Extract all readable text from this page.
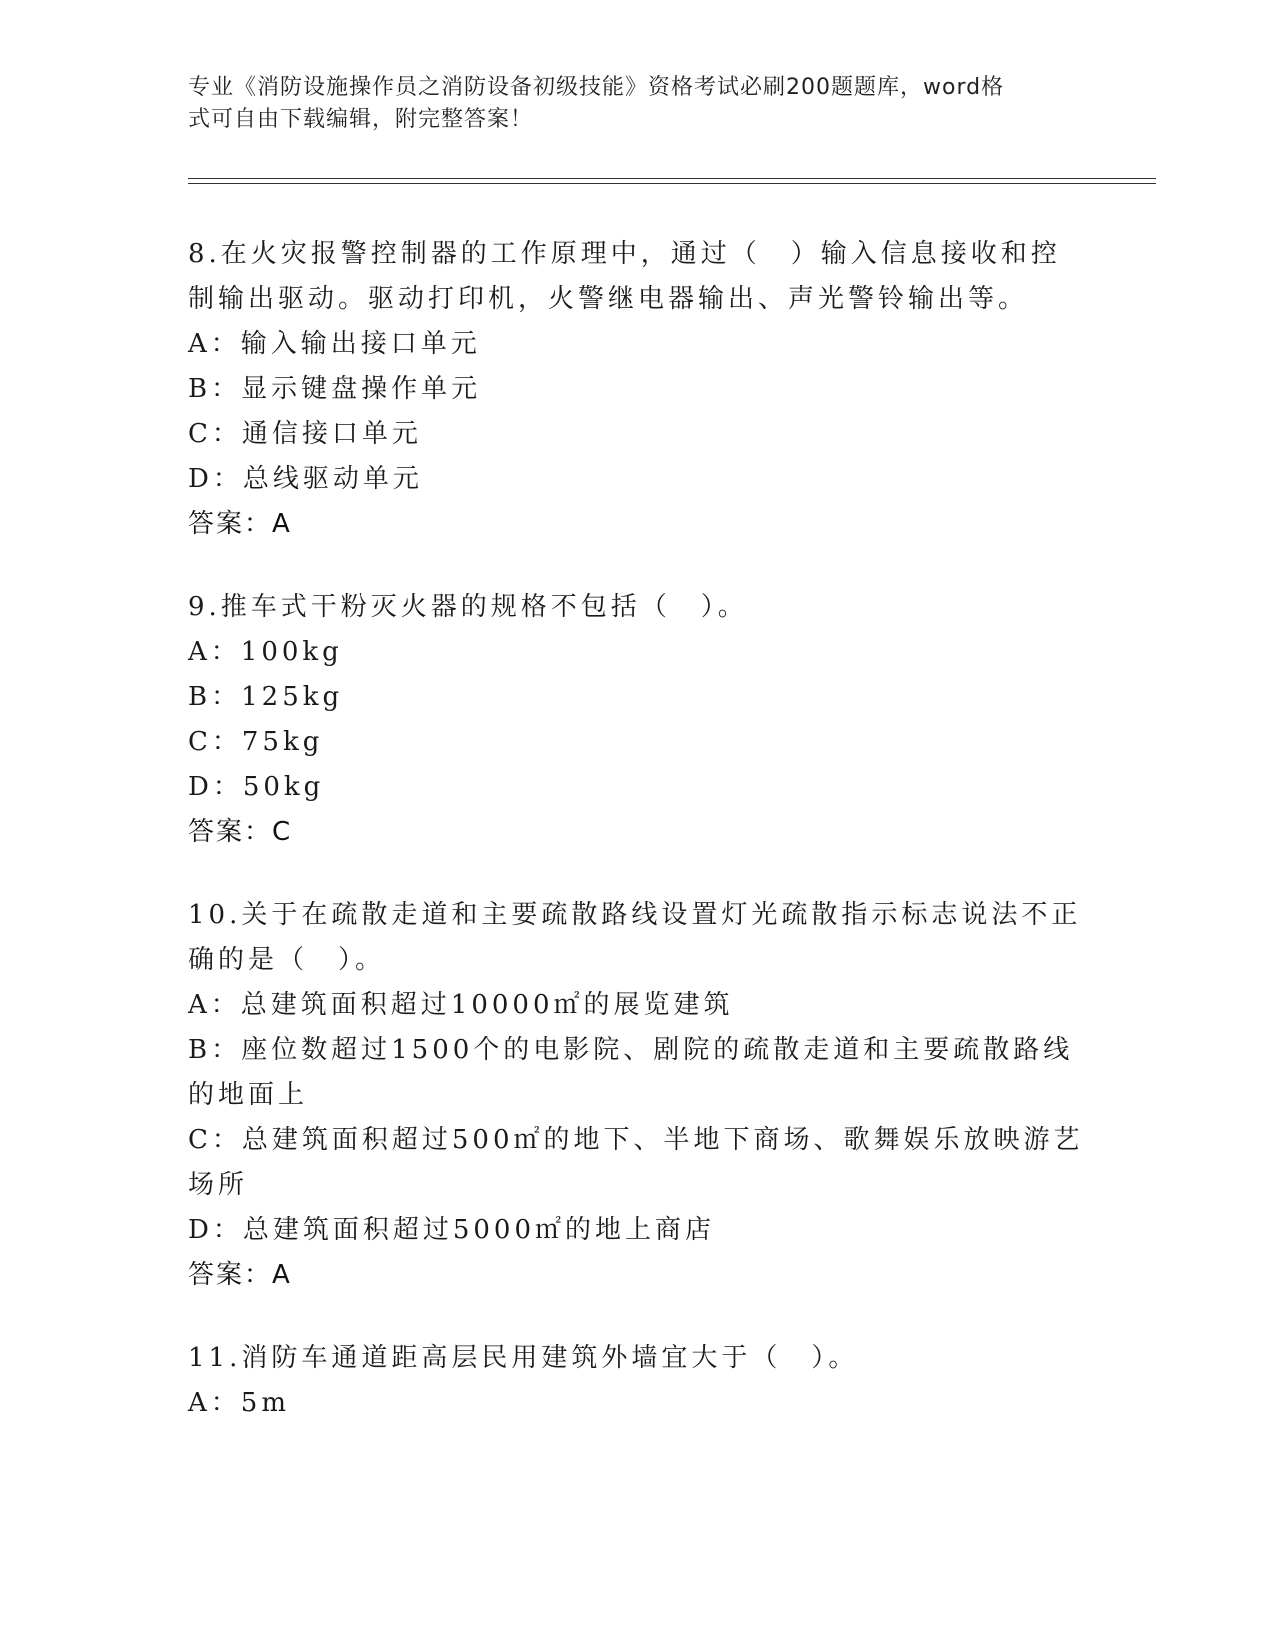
专业《消防设施操作员之消防设备初级技能》资格考试必刷200题题库，word格
式可自由下载编辑，附完整答案！

8.在火灾报警控制器的工作原理中，通过（　）输入信息接收和控制输出驱动。驱动打印机，火警继电器输出、声光警铃输出等。

A：输入输出接口单元

B：显示键盘操作单元

C：通信接口单元

D：总线驱动单元

答案：A

9.推车式干粉灭火器的规格不包括（　）。

A：100kg

B：125kg

C：75kg

D：50kg

答案：C

10.关于在疏散走道和主要疏散路线设置灯光疏散指示标志说法不正确的是（　）。

A：总建筑面积超过10000㎡的展览建筑

B：座位数超过1500个的电影院、剧院的疏散走道和主要疏散路线的地面上

C：总建筑面积超过500㎡的地下、半地下商场、歌舞娱乐放映游艺场所

D：总建筑面积超过5000㎡的地上商店

答案：A

11.消防车通道距高层民用建筑外墙宜大于（　）。

A：5m
